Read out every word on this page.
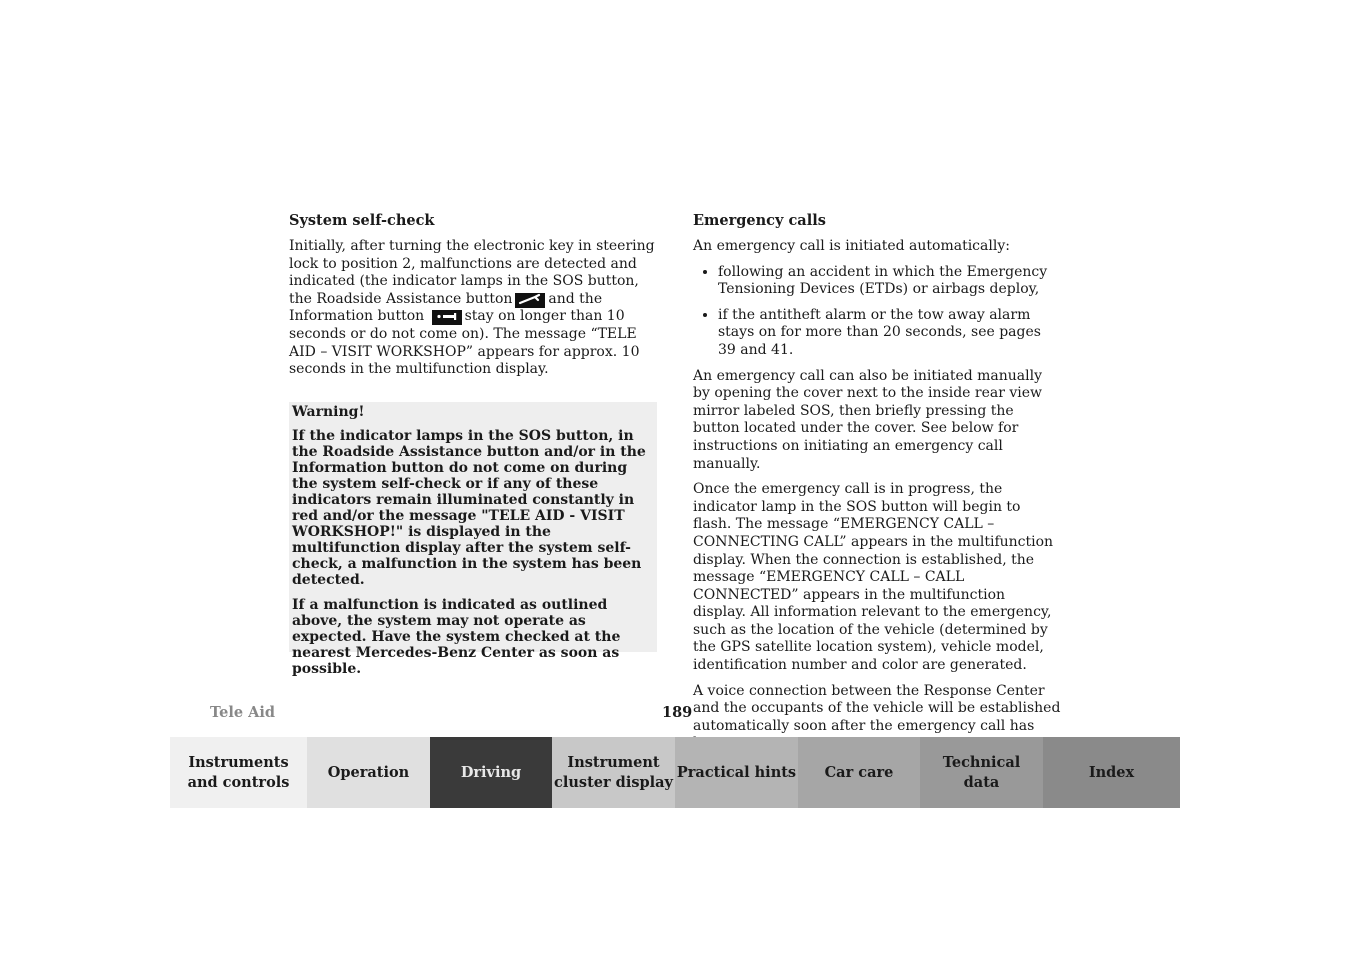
System self-check

Initially, after turning the electronic key in steering lock to position 2, malfunctions are detected and indicated (the indicator lamps in the SOS button, the Roadside Assistance button	and the Information button	stay on longer than 10 seconds or do not come on). The message “TELE AID – VISIT WORKSHOP” appears for approx. 10 seconds in the multifunction display.

Warning!

If the indicator lamps in the SOS button, in the Roadside Assistance button and/or in the Information button do not come on during the system self-check or if any of these indicators remain illuminated constantly in red and/or the message "TELE AID - VISIT WORKSHOP!" is displayed in the multifunction display after the system self-check, a malfunction in the system has been detected.

If a malfunction is indicated as outlined above, the system may not operate as expected. Have the system checked at the nearest Mercedes-Benz Center as soon as possible.

Emergency calls

An emergency call is initiated automatically:

• following an accident in which the Emergency Tensioning Devices (ETDs) or airbags deploy,
• if the antitheft alarm or the tow away alarm stays on for more than 20 seconds, see pages 39 and 41.

An emergency call can also be initiated manually by opening the cover next to the inside rear view mirror labeled SOS, then briefly pressing the button located under the cover. See below for instructions on initiating an emergency call manually.

Once the emergency call is in progress, the indicator lamp in the SOS button will begin to flash. The message “EMERGENCY CALL – CONNECTING CALL” appears in the multifunction display. When the connection is established, the message “EMERGENCY CALL – CALL CONNECTED” appears in the multifunction display. All information relevant to the emergency, such as the location of the vehicle (determined by the GPS satellite location system), vehicle model, identification number and color are generated.

A voice connection between the Response Center and the occupants of the vehicle will be established automatically soon after the emergency call has

Tele Aid	189
Instruments
and controls
Operation	Driving
Instrument
cluster display
Practical hints	Car care
Technical
data
Index
